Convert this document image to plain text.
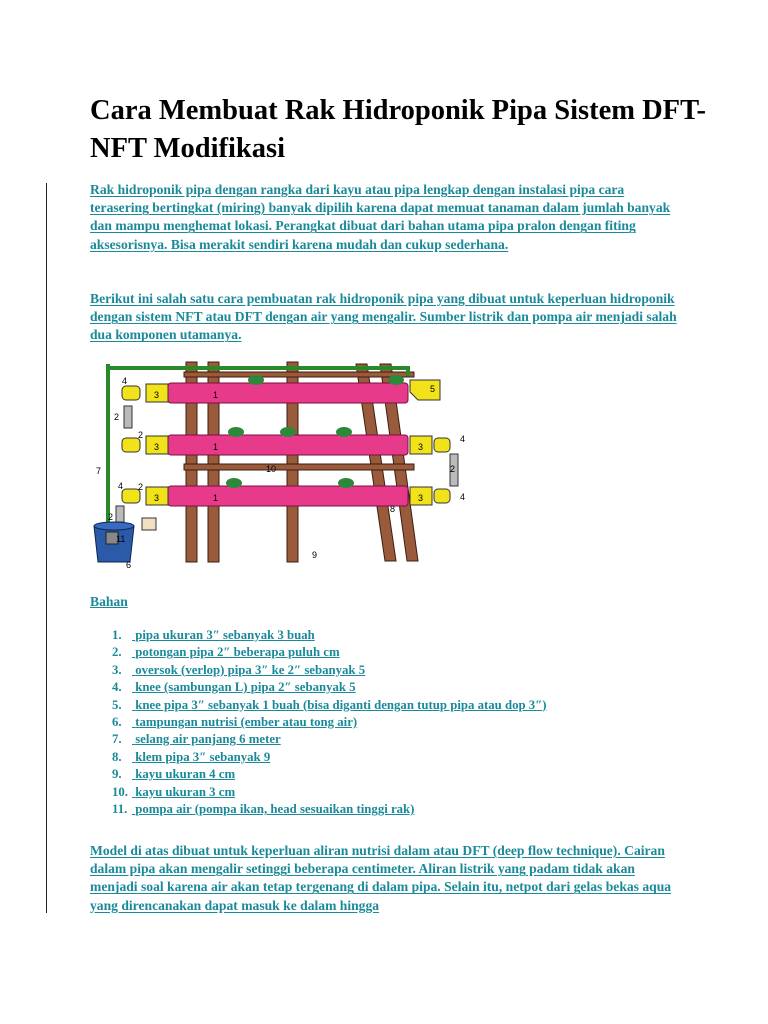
Cara Membuat Rak Hidroponik Pipa Sistem DFT-NFT Modifikasi

Rak hidroponik pipa dengan rangka dari kayu atau pipa lengkap dengan instalasi pipa cara terasering bertingkat (miring) banyak dipilih karena dapat memuat tanaman dalam jumlah banyak dan mampu menghemat lokasi. Perangkat dibuat dari bahan utama pipa pralon dengan fiting aksesorisnya. Bisa merakit sendiri karena mudah dan cukup sederhana.

Berikut ini salah satu cara pembuatan rak hidroponik pipa yang dibuat untuk keperluan hidroponik dengan sistem NFT atau DFT dengan air yang mengalir. Sumber listrik dan pompa air menjadi salah dua komponen utamanya.

1
1
1
2
2
2
2
2
3
3
3
3
3
4
4
4
4
5
6
7
8
9
10
11

Bahan

1. pipa ukuran 3″ sebanyak 3 buah
2. potongan pipa 2″ beberapa puluh cm
3. oversok (verlop) pipa 3″ ke 2″ sebanyak 5
4. knee (sambungan L) pipa 2″ sebanyak 5
5. knee pipa 3″ sebanyak 1 buah (bisa diganti dengan tutup pipa atau dop 3″)
6. tampungan nutrisi (ember atau tong air)
7. selang air panjang 6 meter
8. klem pipa 3″ sebanyak 9
9. kayu ukuran 4 cm
10. kayu ukuran 3 cm
11. pompa air (pompa ikan, head sesuaikan tinggi rak)

Model di atas dibuat untuk keperluan aliran nutrisi dalam atau DFT (deep flow technique). Cairan dalam pipa akan mengalir setinggi beberapa centimeter. Aliran listrik yang padam tidak akan menjadi soal karena air akan tetap tergenang di dalam pipa. Selain itu, netpot dari gelas bekas aqua yang direncanakan dapat masuk ke dalam hingga
